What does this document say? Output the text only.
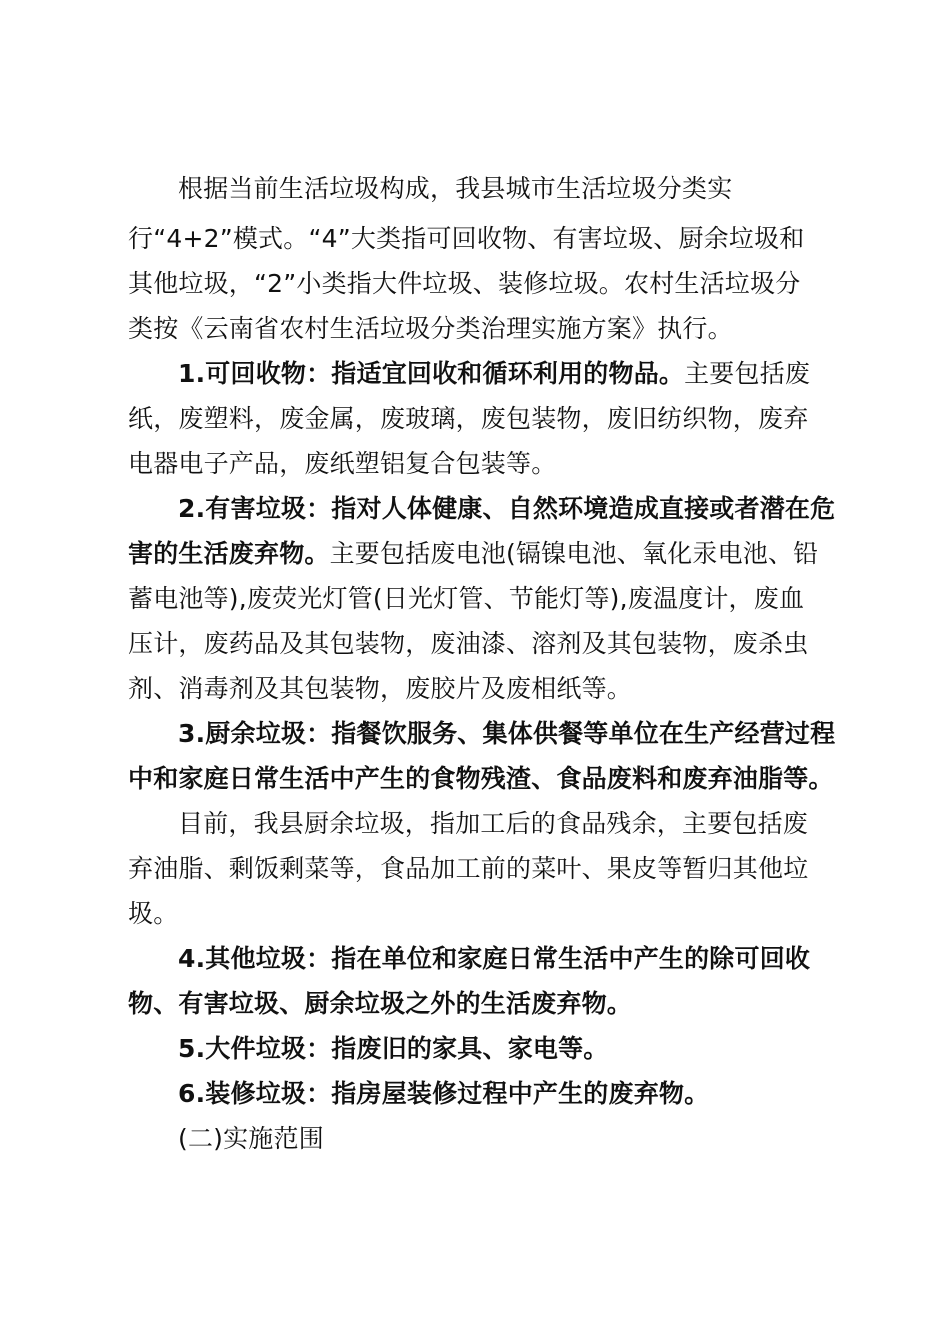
根据当前生活垃圾构成，我县城市生活垃圾分类实
行“4+2”模式。“4”大类指可回收物、有害垃圾、厨余垃圾和
其他垃圾，“2”小类指大件垃圾、装修垃圾。农村生活垃圾分
类按《云南省农村生活垃圾分类治理实施方案》执行。
1.可回收物：指适宜回收和循环利用的物品。主要包括废
纸，废塑料，废金属，废玻璃，废包装物，废旧纺织物，废弃
电器电子产品，废纸塑铝复合包装等。
2.有害垃圾：指对人体健康、自然环境造成直接或者潜在危
害的生活废弃物。主要包括废电池(镉镍电池、氧化汞电池、铅
蓄电池等),废荧光灯管(日光灯管、节能灯等),废温度计，废血
压计，废药品及其包装物，废油漆、溶剂及其包装物，废杀虫
剂、消毒剂及其包装物，废胶片及废相纸等。
3.厨余垃圾：指餐饮服务、集体供餐等单位在生产经营过程
中和家庭日常生活中产生的食物残渣、食品废料和废弃油脂等。
目前，我县厨余垃圾，指加工后的食品残余，主要包括废
弃油脂、剩饭剩菜等，食品加工前的菜叶、果皮等暂归其他垃
圾。
4.其他垃圾：指在单位和家庭日常生活中产生的除可回收
物、有害垃圾、厨余垃圾之外的生活废弃物。
5.大件垃圾：指废旧的家具、家电等。
6.装修垃圾：指房屋装修过程中产生的废弃物。
(二)实施范围
